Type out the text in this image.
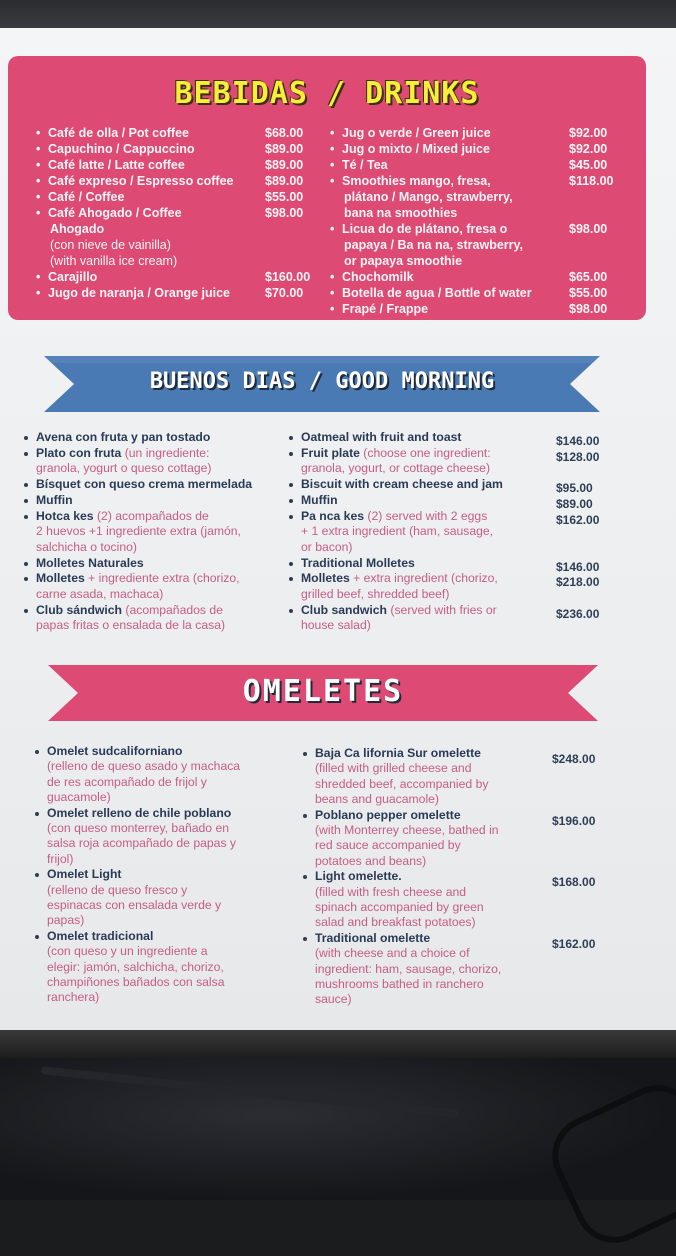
BEBIDAS / DRINKS
• Café de olla / Pot coffee	$68.00
• Capuchino / Cappuccino	$89.00
• Café latte / Latte coffee	$89.00
• Café expreso / Espresso coffee	$89.00
• Café / Coffee	$55.00
• Café Ahogado / Coffee	$98.00
Ahogado
(con nieve de vainilla)
(with vanilla ice cream)
• Carajillo	$160.00
• Jugo de naranja / Orange juice	$70.00
• Jug o verde / Green juice	$92.00
• Jug o mixto / Mixed juice	$92.00
• Té / Tea	$45.00
• Smoothies mango, fresa,	$118.00
plátano / Mango, strawberry,
bana na smoothies
• Licua do de plátano, fresa o	$98.00
papaya / Ba na na, strawberry,
or papaya smoothie
• Chochomilk	$65.00
• Botella de agua / Bottle of water	$55.00
• Frapé / Frappe	$98.00
BUENOS DIAS / GOOD MORNING
Avena con fruta y pan tostado
Plato con fruta (un ingrediente:
granola, yogurt o queso cottage)
Bísquet con queso crema mermelada
Muffin
Hotca kes (2) acompañados de
2 huevos +1 ingrediente extra (jamón,
salchicha o tocino)
Molletes Naturales
Molletes + ingrediente extra (chorizo,
carne asada, machaca)
Club sándwich (acompañados de
papas fritas o ensalada de la casa)
Oatmeal with fruit and toast	$146.00
Fruit plate (choose one ingredient:	$128.00
granola, yogurt, or cottage cheese)
Biscuit with cream cheese and jam	$95.00
Muffin	$89.00
Pa nca kes (2) served with 2 eggs	$162.00
+ 1 extra ingredient (ham, sausage,
or bacon)
Traditional Molletes	$146.00
Molletes + extra ingredient (chorizo,	$218.00
grilled beef, shredded beef)
Club sandwich (served with fries or	$236.00
house salad)
OMELETES
Omelet sudcaliforniano
(relleno de queso asado y machaca
de res acompañado de frijol y
guacamole)
Omelet relleno de chile poblano
(con queso monterrey, bañado en
salsa roja acompañado de papas y
frijol)
Omelet Light
(relleno de queso fresco y
espinacas con ensalada verde y
papas)
Omelet tradicional
(con queso y un ingrediente a
elegir: jamón, salchicha, chorizo,
champiñones bañados con salsa
ranchera)
Baja Ca lifornia Sur omelette	$248.00
(filled with grilled cheese and
shredded beef, accompanied by
beans and guacamole)
Poblano pepper omelette	$196.00
(with Monterrey cheese, bathed in
red sauce accompanied by
potatoes and beans)
Light omelette.	$168.00
(filled with fresh cheese and
spinach accompanied by green
salad and breakfast potatoes)
Traditional omelette	$162.00
(with cheese and a choice of
ingredient: ham, sausage, chorizo,
mushrooms bathed in ranchero
sauce)
